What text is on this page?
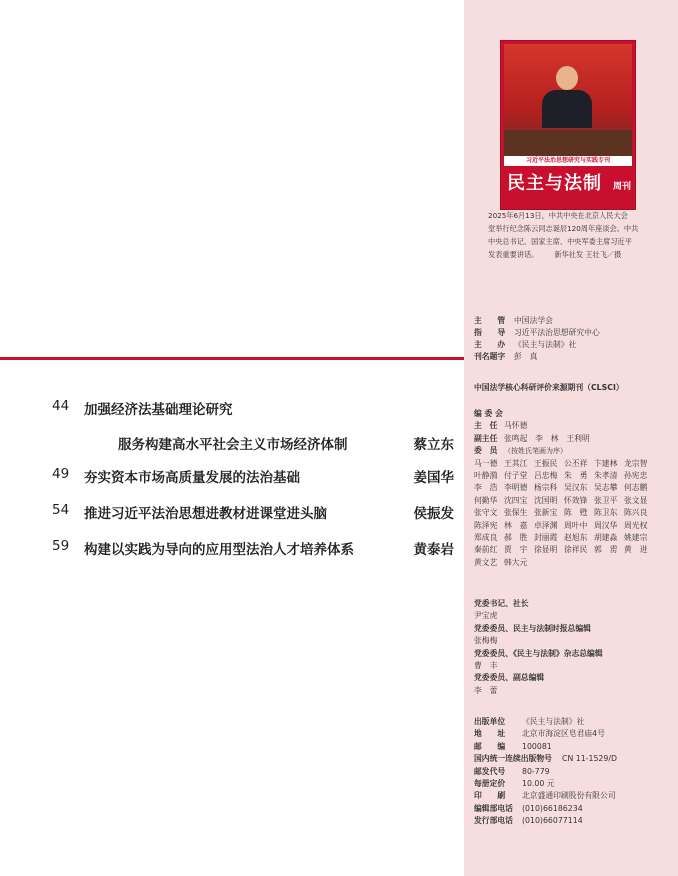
44	加强经济法基础理论研究
服务构建高水平社会主义市场经济体制	蔡立东
49	夯实资本市场高质量发展的法治基础	姜国华
54	推进习近平法治思想进教材进课堂进头脑	侯振发
59	构建以实践为导向的应用型法治人才培养体系	黄泰岩
习近平法治思想研究与实践专刊
民主与法制 周刊
2025年6月13日，中共中央在北京人民大会
堂举行纪念陈云同志诞辰120周年座谈会。中共
中央总书记、国家主席、中央军委主席习近平
发表重要讲话。 新华社发 王壮飞／摄
主　　管 中国法学会
指　　导 习近平法治思想研究中心
主　　办 《民主与法制》社
刊名题字 彭　真
中国法学核心科研评价来源期刊（CLSCI）
编 委 会
主　任 马怀德
副主任 张鸣起　李　林　王利明
委　员 （按姓氏笔画为序）
马一德 王其江 王振民 公丕祥 卞建林 龙宗智
叶静漪 付子堂 吕忠梅 朱　勇 朱孝清 孙宪忠
李　浩 李明德 杨宗科 吴汉东 吴志攀 何志鹏
何勤华 沈四宝 沈国明 怀效锋 张卫平 张文显
张守文 张保生 张新宝 陈　甦 陈卫东 陈兴良
陈泽宪 林　嘉 卓泽渊 周叶中 周汉华 周光权
郑成良 郝　胜 封丽霞 赵旭东 胡建淼 姚建宗
秦前红 贾　宇 徐显明 徐祥民 郭　雳 黄　进
黄文艺 韩大元
党委书记、社长
尹宝虎
党委委员、民主与法制时报总编辑
张梅梅
党委委员、《民主与法制》杂志总编辑
曹　丰
党委委员、副总编辑
李　蕾
出版单位 《民主与法制》社
地　　址 北京市海淀区皂君庙4号
邮　　编 100081
国内统一连续出版物号 CN 11-1529/D
邮发代号 80-779
每册定价 10.00 元
印　　刷 北京盛通印刷股份有限公司
编辑部电话 (010)66186234
发行部电话 (010)66077114
